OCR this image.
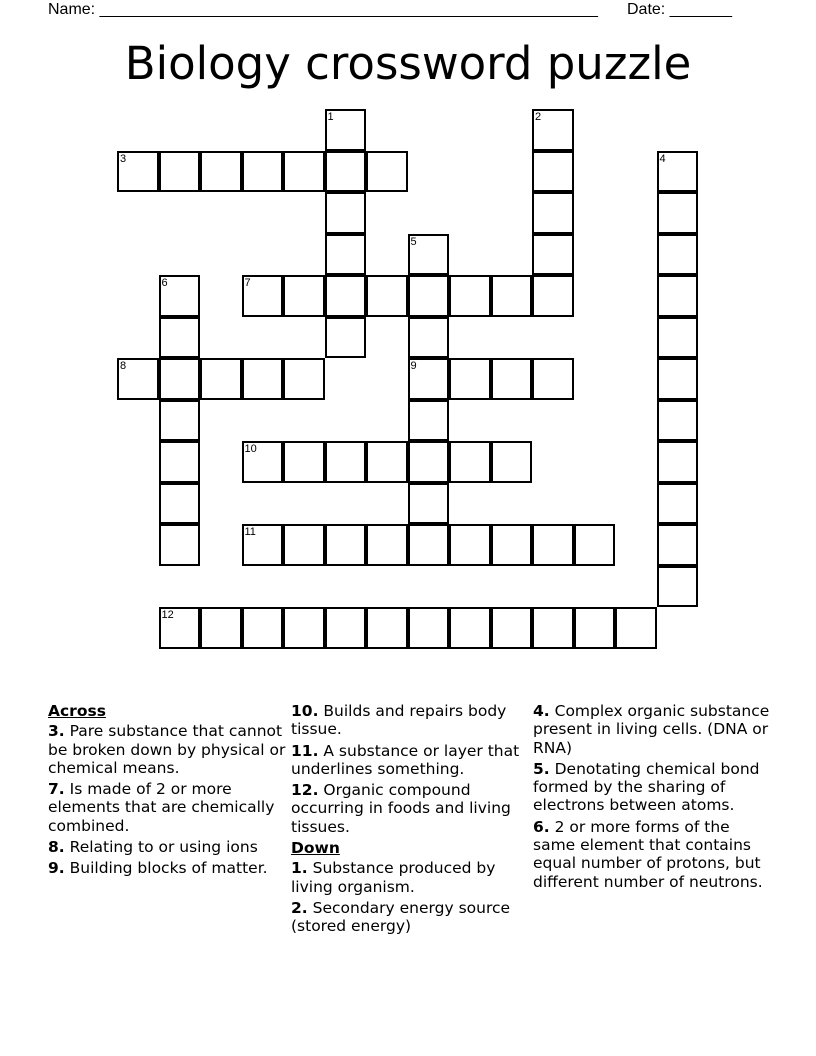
Name: ________________________________________________________ Date: _______
Biology crossword puzzle
1	2
3	4
5
9
6	7
8
10
11
12
Across
3. Pare substance that cannot be broken down by physical or chemical means.
7. Is made of 2 or more elements that are chemically combined.
8. Relating to or using ions
9. Building blocks of matter.
10. Builds and repairs body tissue.
11. A substance or layer that underlines something.
12. Organic compound occurring in foods and living tissues.
Down
1. Substance produced by living organism.
2. Secondary energy source (stored energy)
4. Complex organic substance present in living cells. (DNA or RNA)
5. Denotating chemical bond formed by the sharing of electrons between atoms.
6. 2 or more forms of the same element that contains equal number of protons, but different number of neutrons.
